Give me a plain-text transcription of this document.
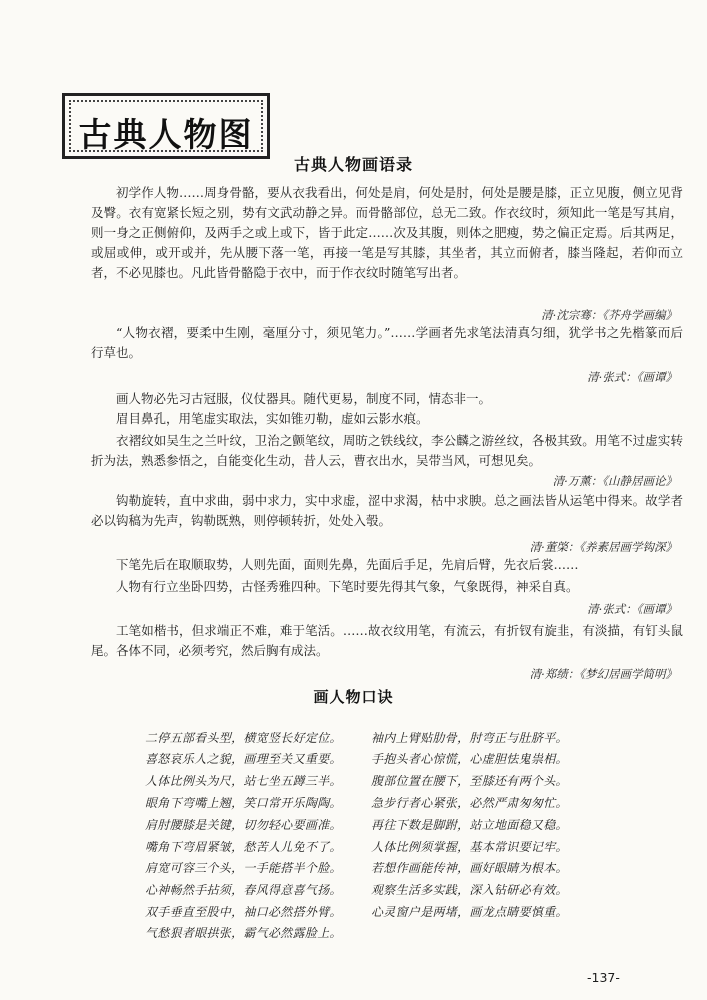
古典人物图
古典人物画语录

初学作人物……周身骨骼，要从衣我看出，何处是肩，何处是肘，何处是腰是膝，正立见腹，侧立见背及臀。衣有宽紧长短之别，势有文武动静之异。而骨骼部位，总无二致。作衣纹时，须知此一笔是写其肩，则一身之正侧俯仰，及两手之或上或下，皆于此定……次及其腹，则体之肥瘦，势之偏正定焉。后其两足，或屈或伸，或开或并，先从腰下落一笔，再接一笔是写其膝，其坐者，其立而俯者，膝当隆起，若仰而立者，不必见膝也。凡此皆骨骼隐于衣中，而于作衣纹时随笔写出者。

清·沈宗骞：《芥舟学画编》

“人物衣褶，要柔中生刚，毫厘分寸，须见笔力。”……学画者先求笔法清真匀细，犹学书之先楷篆而后行草也。

清·张式：《画谭》

画人物必先习古冠服，仪仗器具。随代更易，制度不同，情态非一。

眉目鼻孔，用笔虚实取法，实如锥刃勒，虚如云影水痕。

衣褶纹如吴生之兰叶纹，卫治之颤笔纹，周昉之铁线纹，李公麟之游丝纹，各极其致。用笔不过虚实转折为法，熟悉参悟之，自能变化生动，昔人云，曹衣出水，吴带当风，可想见矣。

清·万薰：《山静居画论》

钩勒旋转，直中求曲，弱中求力，实中求虚，涩中求渴，枯中求腴。总之画法皆从运笔中得来。故学者必以钩稿为先声，钩勒既熟，则停顿转折，处处入彀。

清·董棨：《养素居画学钩深》

下笔先后在取顺取势，人则先面，面则先鼻，先面后手足，先肩后臂，先衣后裳……

人物有行立坐卧四势，古怪秀雅四种。下笔时要先得其气象，气象既得，神采自真。

清·张式：《画谭》

工笔如楷书，但求端正不难，难于笔活。……故衣纹用笔，有流云，有折钗有旋韭，有淡描，有钉头鼠尾。各体不同，必须考究，然后胸有成法。

清·郑绩：《梦幻居画学简明》
画人物口诀
二停五部看头型，横宽竖长好定位。
喜怒哀乐人之貌，画理至关又重要。
人体比例头为尺，站七坐五蹲三半。
眼角下弯嘴上翘，笑口常开乐陶陶。
肩肘腰膝是关键，切勿轻心要画准。
嘴角下弯眉紧皱，愁苦人儿免不了。
肩宽可容三个头，一手能搭半个脸。
心神畅然手拈须，春风得意喜气扬。
双手垂直至股中，袖口必然搭外臂。
气愁狠者眼拱张，霸气必然露脸上。
袖内上臂贴肋骨，肘弯正与肚脐平。
手抱头者心惊慌，心虚胆怯鬼祟相。
腹部位置在腰下，至膝还有两个头。
急步行者心紧张，必然严肃匆匆忙。
再往下数是脚跗，站立地面稳又稳。
人体比例须掌握，基本常识要记牢。
若想作画能传神，画好眼睛为根本。
观察生活多实践，深入钻研必有效。
心灵窗户是两堵，画龙点睛要慎重。
-137-
